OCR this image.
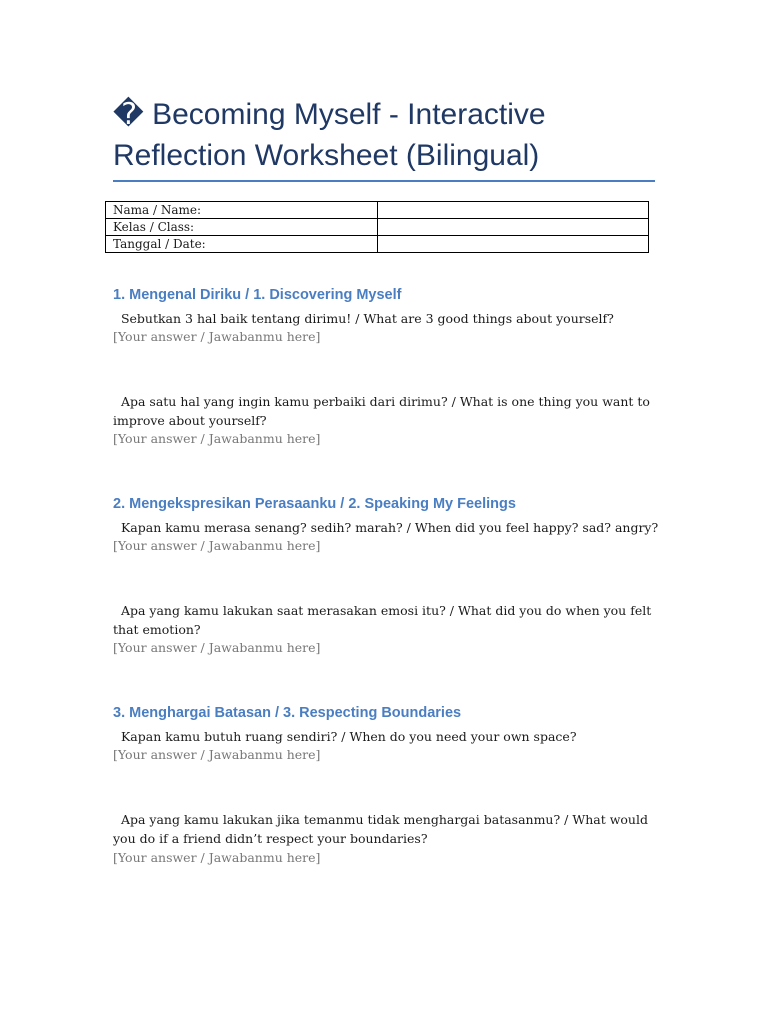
� Becoming Myself - Interactive Reflection Worksheet (Bilingual)
Nama / Name:	
Kelas / Class:	
Tanggal / Date:	
1. Mengenal Diriku / 1. Discovering Myself

Sebutkan 3 hal baik tentang dirimu! / What are 3 good things about yourself?

[Your answer / Jawabanmu here]

Apa satu hal yang ingin kamu perbaiki dari dirimu? / What is one thing you want to improve about yourself?

[Your answer / Jawabanmu here]

2. Mengekspresikan Perasaanku / 2. Speaking My Feelings

Kapan kamu merasa senang? sedih? marah? / When did you feel happy? sad? angry?

[Your answer / Jawabanmu here]

Apa yang kamu lakukan saat merasakan emosi itu? / What did you do when you felt that emotion?

[Your answer / Jawabanmu here]

3. Menghargai Batasan / 3. Respecting Boundaries

Kapan kamu butuh ruang sendiri? / When do you need your own space?

[Your answer / Jawabanmu here]

Apa yang kamu lakukan jika temanmu tidak menghargai batasanmu? / What would you do if a friend didn’t respect your boundaries?

[Your answer / Jawabanmu here]
